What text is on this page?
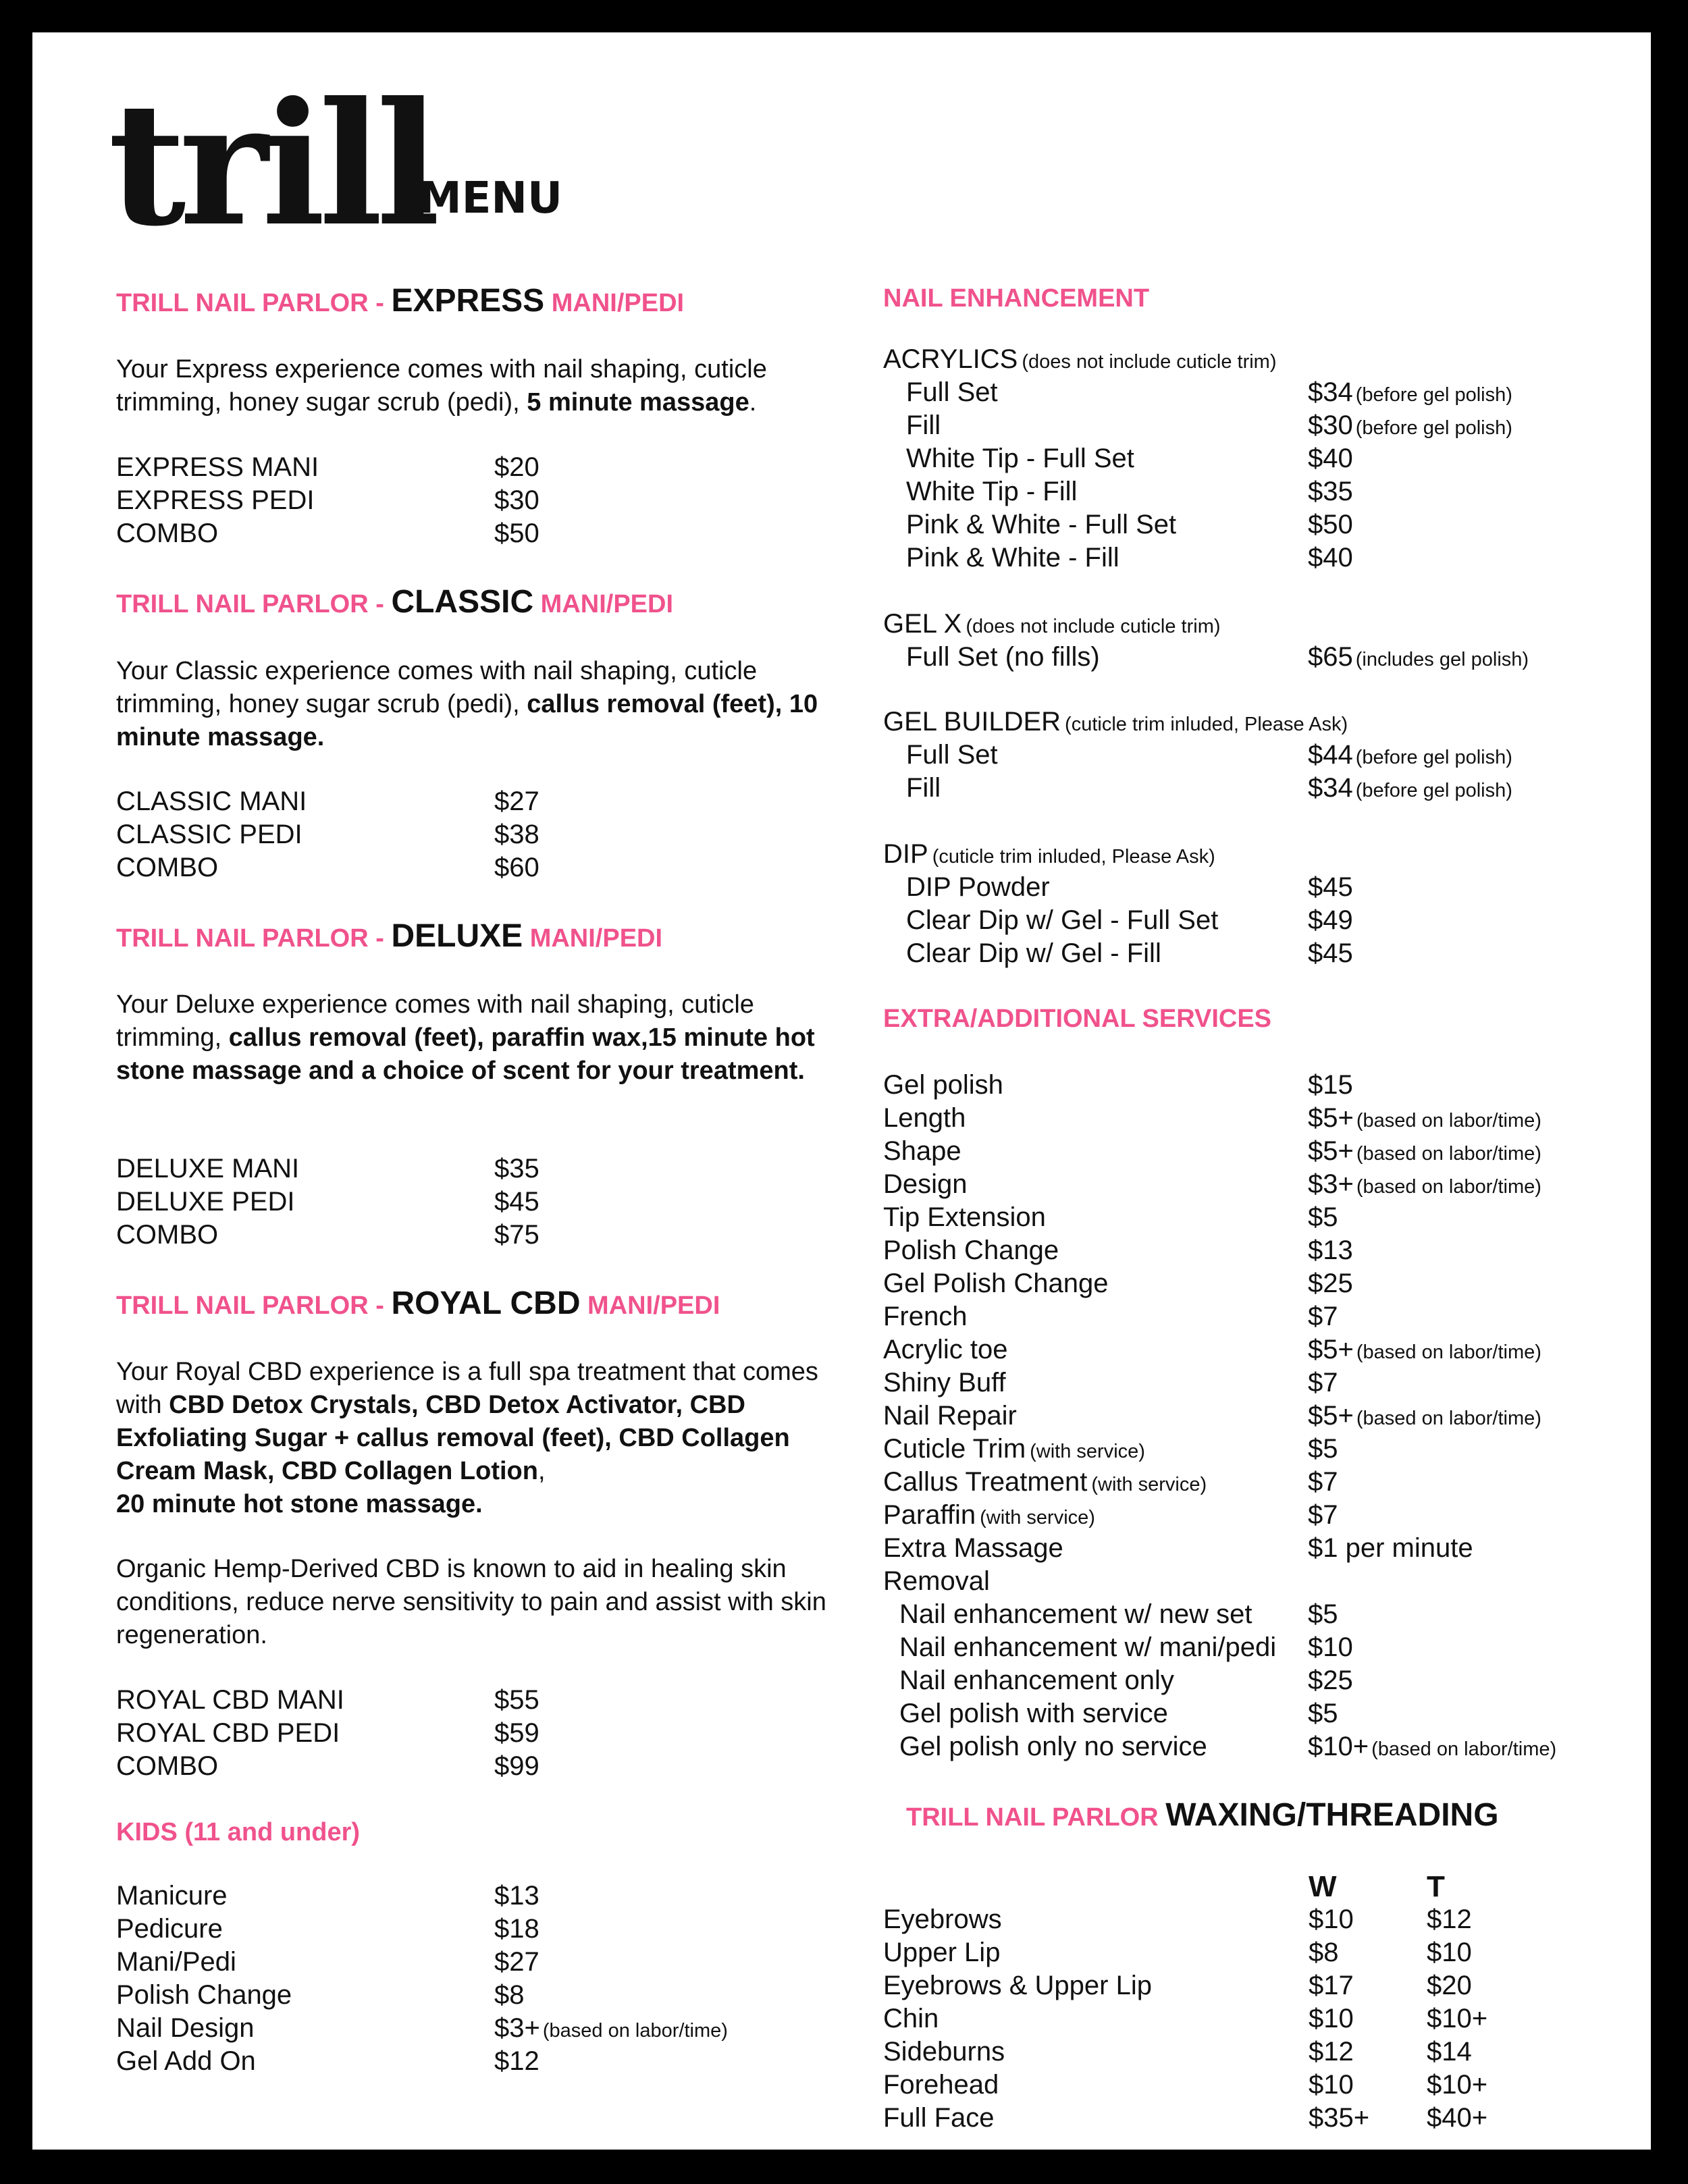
trill
MENU
TRILL NAIL PARLOR - EXPRESS MANI/PEDI
Your Express experience comes with nail shaping, cuticle trimming, honey sugar scrub (pedi), 5 minute massage.
EXPRESS MANI	$20
EXPRESS PEDI	$30
COMBO	$50
TRILL NAIL PARLOR - CLASSIC MANI/PEDI
Your Classic experience comes with nail shaping, cuticle trimming, honey sugar scrub (pedi), callus removal (feet), 10 minute massage.
CLASSIC MANI	$27
CLASSIC PEDI	$38
COMBO	$60
TRILL NAIL PARLOR - DELUXE MANI/PEDI
Your Deluxe experience comes with nail shaping, cuticle trimming, callus removal (feet), paraffin wax,15 minute hot stone massage and a choice of scent for your treatment.
DELUXE MANI	$35
DELUXE PEDI	$45
COMBO	$75
TRILL NAIL PARLOR - ROYAL CBD MANI/PEDI
Your Royal CBD experience is a full spa treatment that comes with CBD Detox Crystals, CBD Detox Activator, CBD Exfoliating Sugar + callus removal (feet), CBD Collagen Cream Mask, CBD Collagen Lotion,
20 minute hot stone massage.
Organic Hemp-Derived CBD is known to aid in healing skin conditions, reduce nerve sensitivity to pain and assist with skin regeneration.
ROYAL CBD MANI	$55
ROYAL CBD PEDI	$59
COMBO	$99
KIDS (11 and under)
Manicure	$13
Pedicure	$18
Mani/Pedi	$27
Polish Change	$8
Nail Design	$3+ (based on labor/time)
Gel Add On	$12
NAIL ENHANCEMENT
ACRYLICS (does not include cuticle trim)
Full Set	$34 (before gel polish)
Fill	$30 (before gel polish)
White Tip - Full Set	$40
White Tip - Fill	$35
Pink & White - Full Set	$50
Pink & White - Fill	$40
GEL X (does not include cuticle trim)
Full Set (no fills)	$65 (includes gel polish)
GEL BUILDER (cuticle trim inluded, Please Ask)
Full Set	$44 (before gel polish)
Fill	$34 (before gel polish)
DIP (cuticle trim inluded, Please Ask)
DIP Powder	$45
Clear Dip w/ Gel - Full Set	$49
Clear Dip w/ Gel - Fill	$45
EXTRA/ADDITIONAL SERVICES
Gel polish	$15
Length	$5+ (based on labor/time)
Shape	$5+ (based on labor/time)
Design	$3+ (based on labor/time)
Tip Extension	$5
Polish Change	$13
Gel Polish Change	$25
French	$7
Acrylic toe	$5+ (based on labor/time)
Shiny Buff	$7
Nail Repair	$5+ (based on labor/time)
Cuticle Trim (with service)	$5
Callus Treatment (with service)	$7
Paraffin (with service)	$7
Extra Massage	$1 per minute
Removal
Nail enhancement w/ new set $5
Nail enhancement w/ mani/pedi $10
Nail enhancement only	$25
Gel polish with service	$5
Gel polish only no service	$10+ (based on labor/time)
TRILL NAIL PARLOR WAXING/THREADING
W	T
Eyebrows	$10	$12
Upper Lip	$8	$10
Eyebrows & Upper Lip	$17	$20
Chin	$10	$10+
Sideburns	$12	$14
Forehead	$10	$10+
Full Face	$35+ $40+
